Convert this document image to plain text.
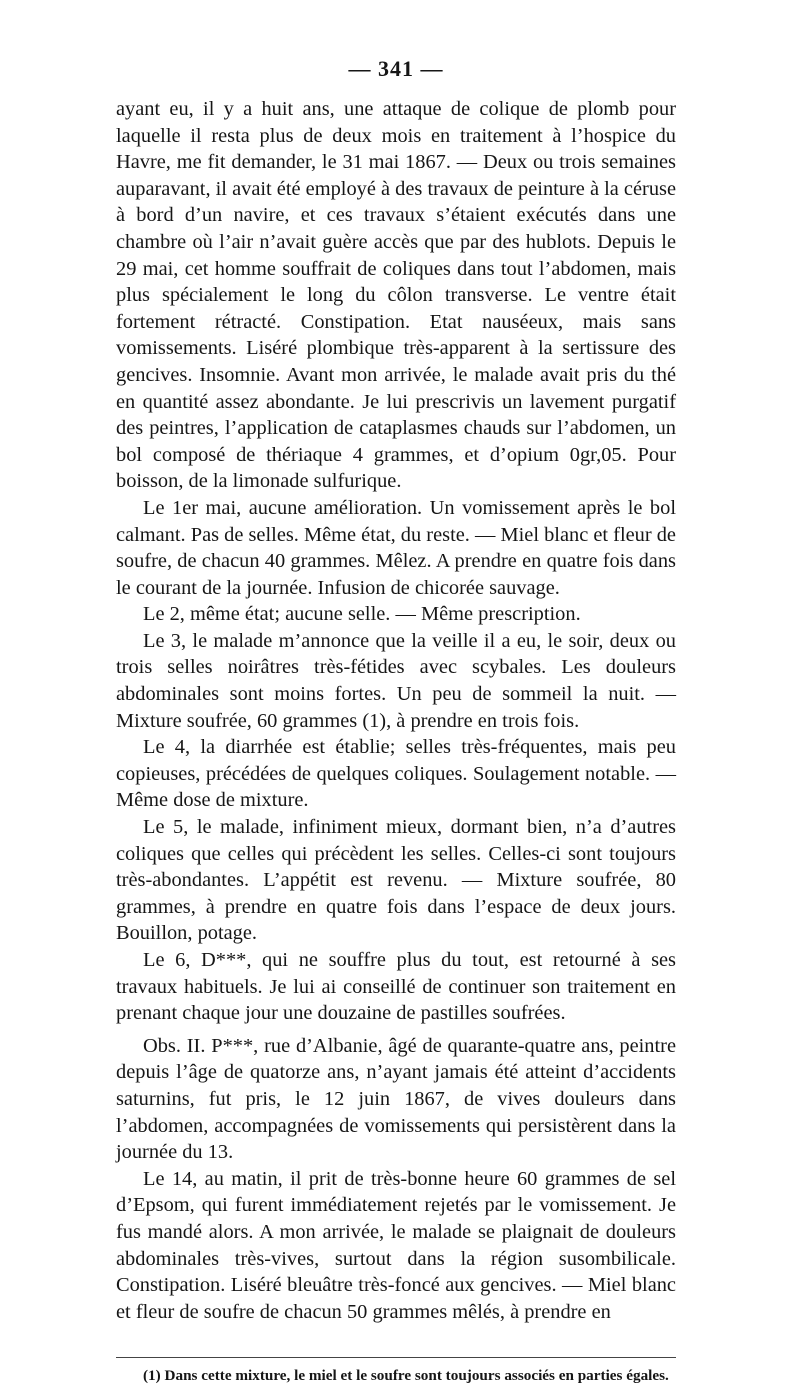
— 341 —

ayant eu, il y a huit ans, une attaque de colique de plomb pour laquelle il resta plus de deux mois en traitement à l’hospice du Havre, me fit demander, le 31 mai 1867. — Deux ou trois semaines auparavant, il avait été employé à des travaux de peinture à la céruse à bord d’un navire, et ces travaux s’étaient exécutés dans une chambre où l’air n’avait guère accès que par des hublots. Depuis le 29 mai, cet homme souffrait de coliques dans tout l’abdomen, mais plus spécialement le long du côlon transverse. Le ventre était fortement rétracté. Constipation. Etat nauséeux, mais sans vomissements. Liséré plombique très-apparent à la sertissure des gencives. Insomnie. Avant mon arrivée, le malade avait pris du thé en quantité assez abondante. Je lui prescrivis un lavement purgatif des peintres, l’application de cataplasmes chauds sur l’abdomen, un bol composé de thériaque 4 grammes, et d’opium 0gr,05. Pour boisson, de la limonade sulfurique.

Le 1er mai, aucune amélioration. Un vomissement après le bol calmant. Pas de selles. Même état, du reste. — Miel blanc et fleur de soufre, de chacun 40 grammes. Mêlez. A prendre en quatre fois dans le courant de la journée. Infusion de chicorée sauvage.

Le 2, même état; aucune selle. — Même prescription.

Le 3, le malade m’annonce que la veille il a eu, le soir, deux ou trois selles noirâtres très-fétides avec scybales. Les douleurs abdominales sont moins fortes. Un peu de sommeil la nuit. — Mixture soufrée, 60 grammes (1), à prendre en trois fois.

Le 4, la diarrhée est établie; selles très-fréquentes, mais peu copieuses, précédées de quelques coliques. Soulagement notable. — Même dose de mixture.

Le 5, le malade, infiniment mieux, dormant bien, n’a d’autres coliques que celles qui précèdent les selles. Celles-ci sont toujours très-abondantes. L’appétit est revenu. — Mixture soufrée, 80 grammes, à prendre en quatre fois dans l’espace de deux jours. Bouillon, potage.

Le 6, D***, qui ne souffre plus du tout, est retourné à ses travaux habituels. Je lui ai conseillé de continuer son traitement en prenant chaque jour une douzaine de pastilles soufrées.

Obs. II. P***, rue d’Albanie, âgé de quarante-quatre ans, peintre depuis l’âge de quatorze ans, n’ayant jamais été atteint d’accidents saturnins, fut pris, le 12 juin 1867, de vives douleurs dans l’abdomen, accompagnées de vomissements qui persistèrent dans la journée du 13.

Le 14, au matin, il prit de très-bonne heure 60 grammes de sel d’Epsom, qui furent immédiatement rejetés par le vomissement. Je fus mandé alors. A mon arrivée, le malade se plaignait de douleurs abdominales très-vives, surtout dans la région susombilicale. Constipation. Liséré bleuâtre très-foncé aux gencives. — Miel blanc et fleur de soufre de chacun 50 grammes mêlés, à prendre en

(1) Dans cette mixture, le miel et le soufre sont toujours associés en parties égales.
